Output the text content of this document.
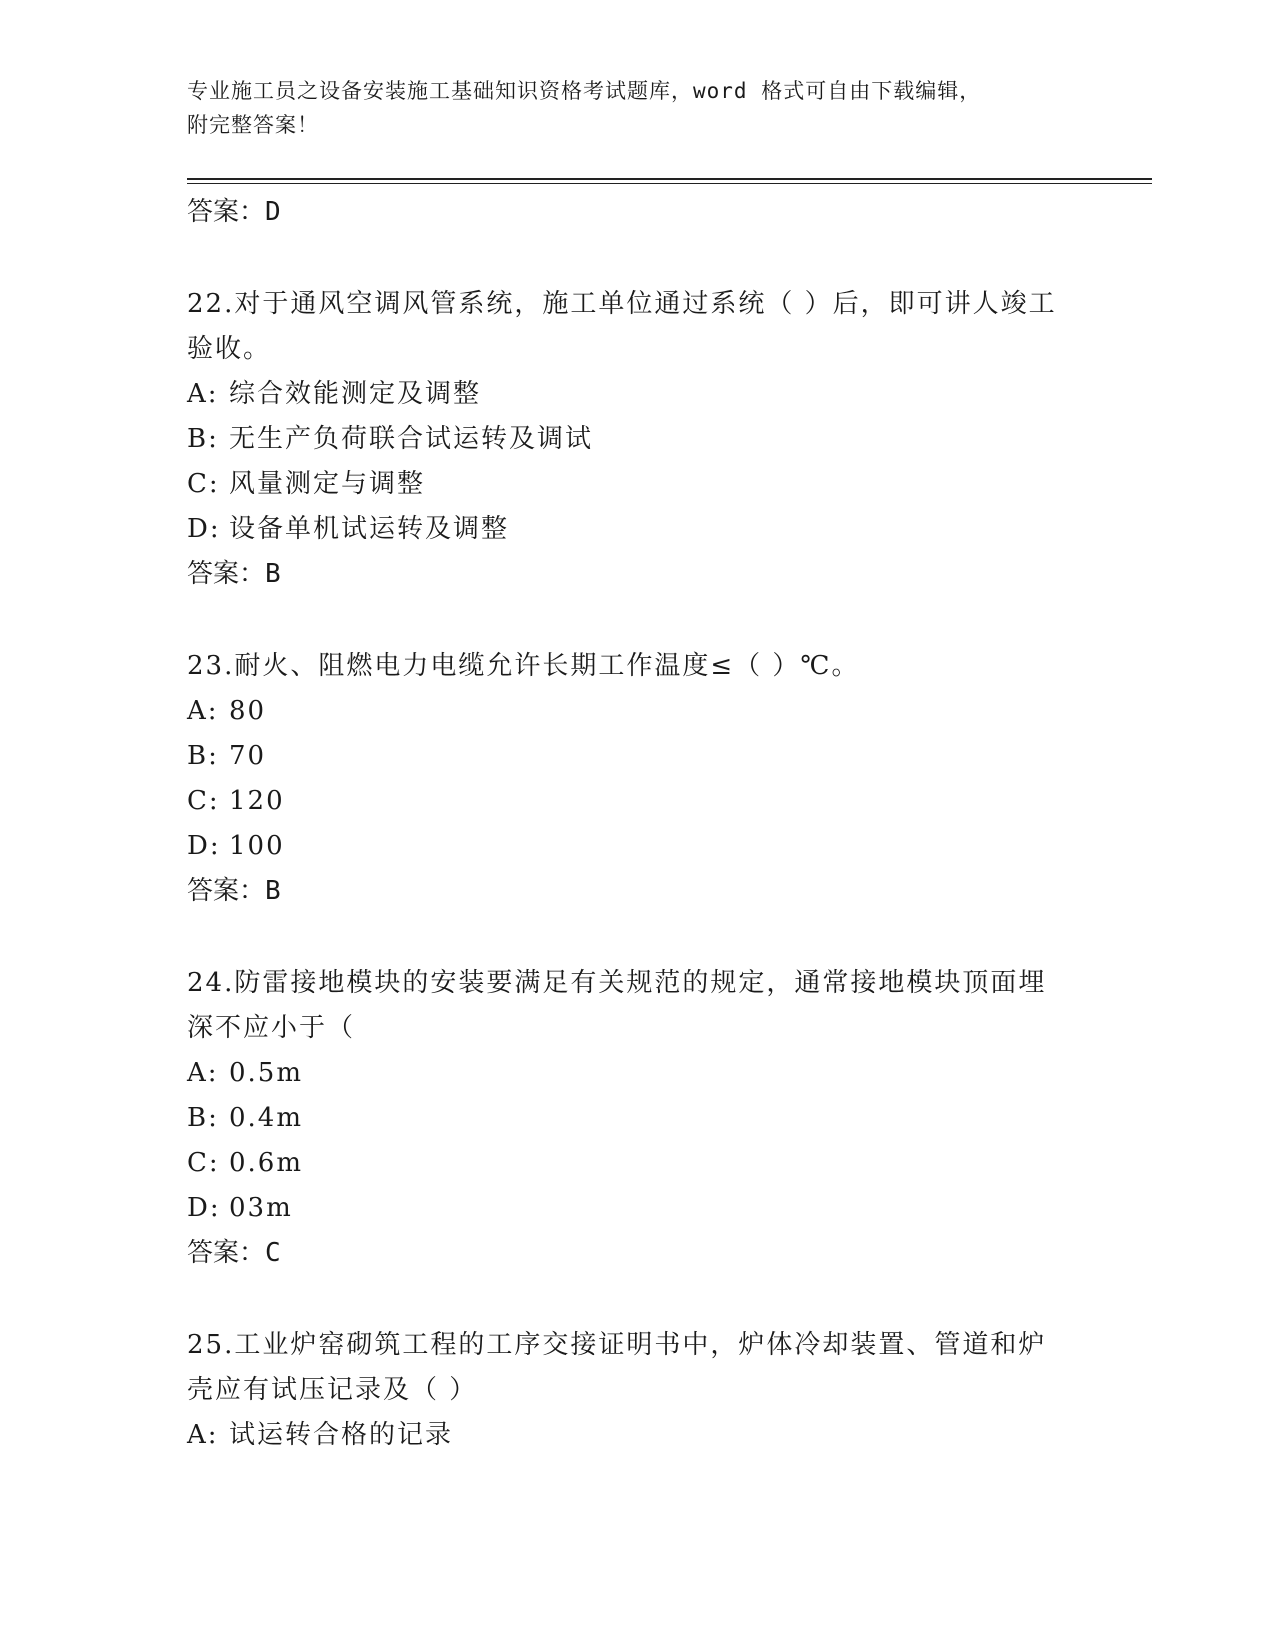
专业施工员之设备安装施工基础知识资格考试题库，word 格式可自由下载编辑，
附完整答案！
答案：D

22.对于通风空调风管系统，施工单位通过系统（ ）后，即可讲人竣工验收。

A: 综合效能测定及调整

B: 无生产负荷联合试运转及调试

C: 风量测定与调整

D: 设备单机试运转及调整

答案：B

23.耐火、阻燃电力电缆允许长期工作温度≤（ ）℃。

A: 80

B: 70

C: 120

D: 100

答案：B

24.防雷接地模块的安装要满足有关规范的规定，通常接地模块顶面埋深不应小于（

A: 0.5m

B: 0.4m

C: 0.6m

D: 03m

答案：C

25.工业炉窑砌筑工程的工序交接证明书中，炉体冷却装置、管道和炉壳应有试压记录及（ ）

A: 试运转合格的记录
